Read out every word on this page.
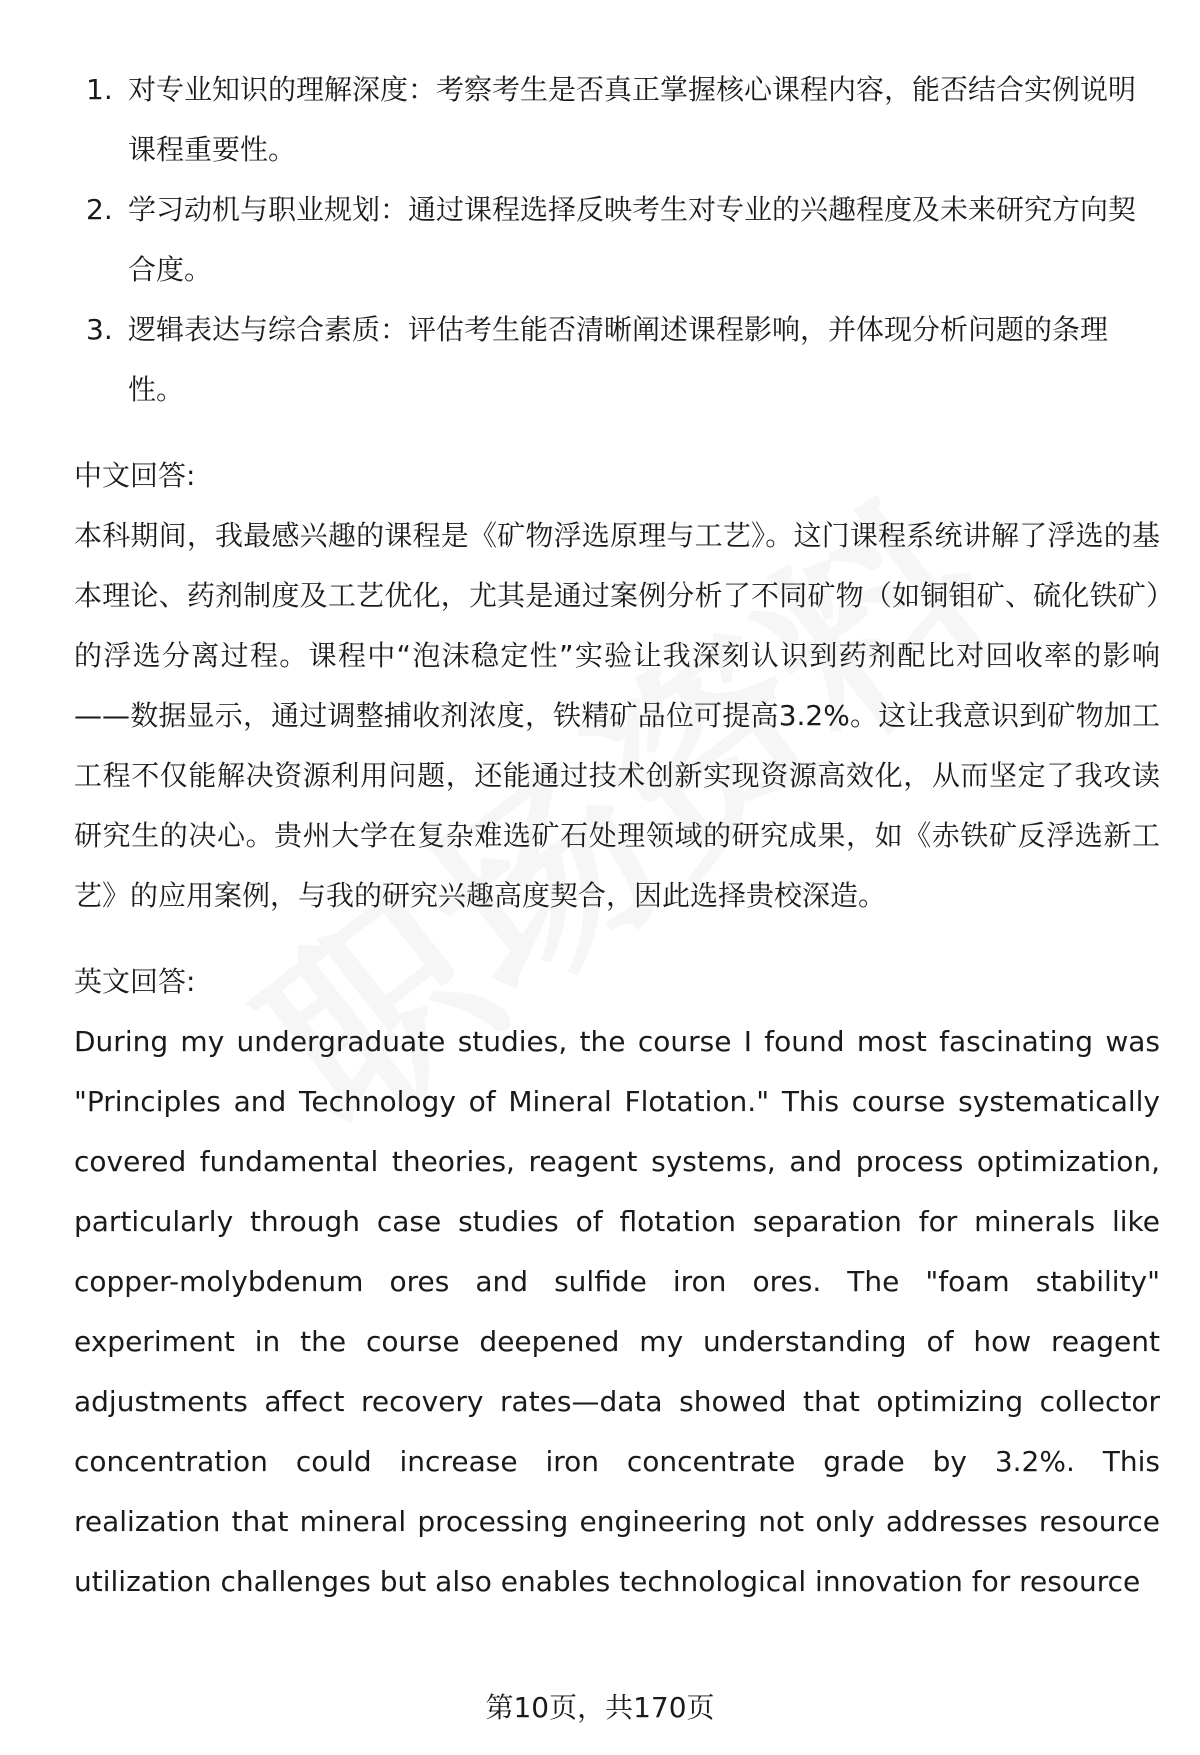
1. 对专业知识的理解深度：考察考生是否真正掌握核心课程内容，能否结合实例说明课程重要性。
2. 学习动机与职业规划：通过课程选择反映考生对专业的兴趣程度及未来研究方向契合度。
3. 逻辑表达与综合素质：评估考生能否清晰阐述课程影响，并体现分析问题的条理性。
中文回答:

本科期间，我最感兴趣的课程是《矿物浮选原理与工艺》。这门课程系统讲解了浮选的基本理论、药剂制度及工艺优化，尤其是通过案例分析了不同矿物（如铜钼矿、硫化铁矿）的浮选分离过程。课程中“泡沫稳定性”实验让我深刻认识到药剂配比对回收率的影响——数据显示，通过调整捕收剂浓度，铁精矿品位可提高3.2%。这让我意识到矿物加工工程不仅能解决资源利用问题，还能通过技术创新实现资源高效化，从而坚定了我攻读研究生的决心。贵州大学在复杂难选矿石处理领域的研究成果，如《赤铁矿反浮选新工艺》的应用案例，与我的研究兴趣高度契合，因此选择贵校深造。

英文回答:

During my undergraduate studies, the course I found most fascinating was "Principles and Technology of Mineral Flotation." This course systematically covered fundamental theories, reagent systems, and process optimization, particularly through case studies of flotation separation for minerals like copper-molybdenum ores and sulfide iron ores. The "foam stability" experiment in the course deepened my understanding of how reagent adjustments affect recovery rates—data showed that optimizing collector concentration could increase iron concentrate grade by 3.2%. This realization that mineral processing engineering not only addresses resource utilization challenges but also enables technological innovation for resource

第10页，共170页
